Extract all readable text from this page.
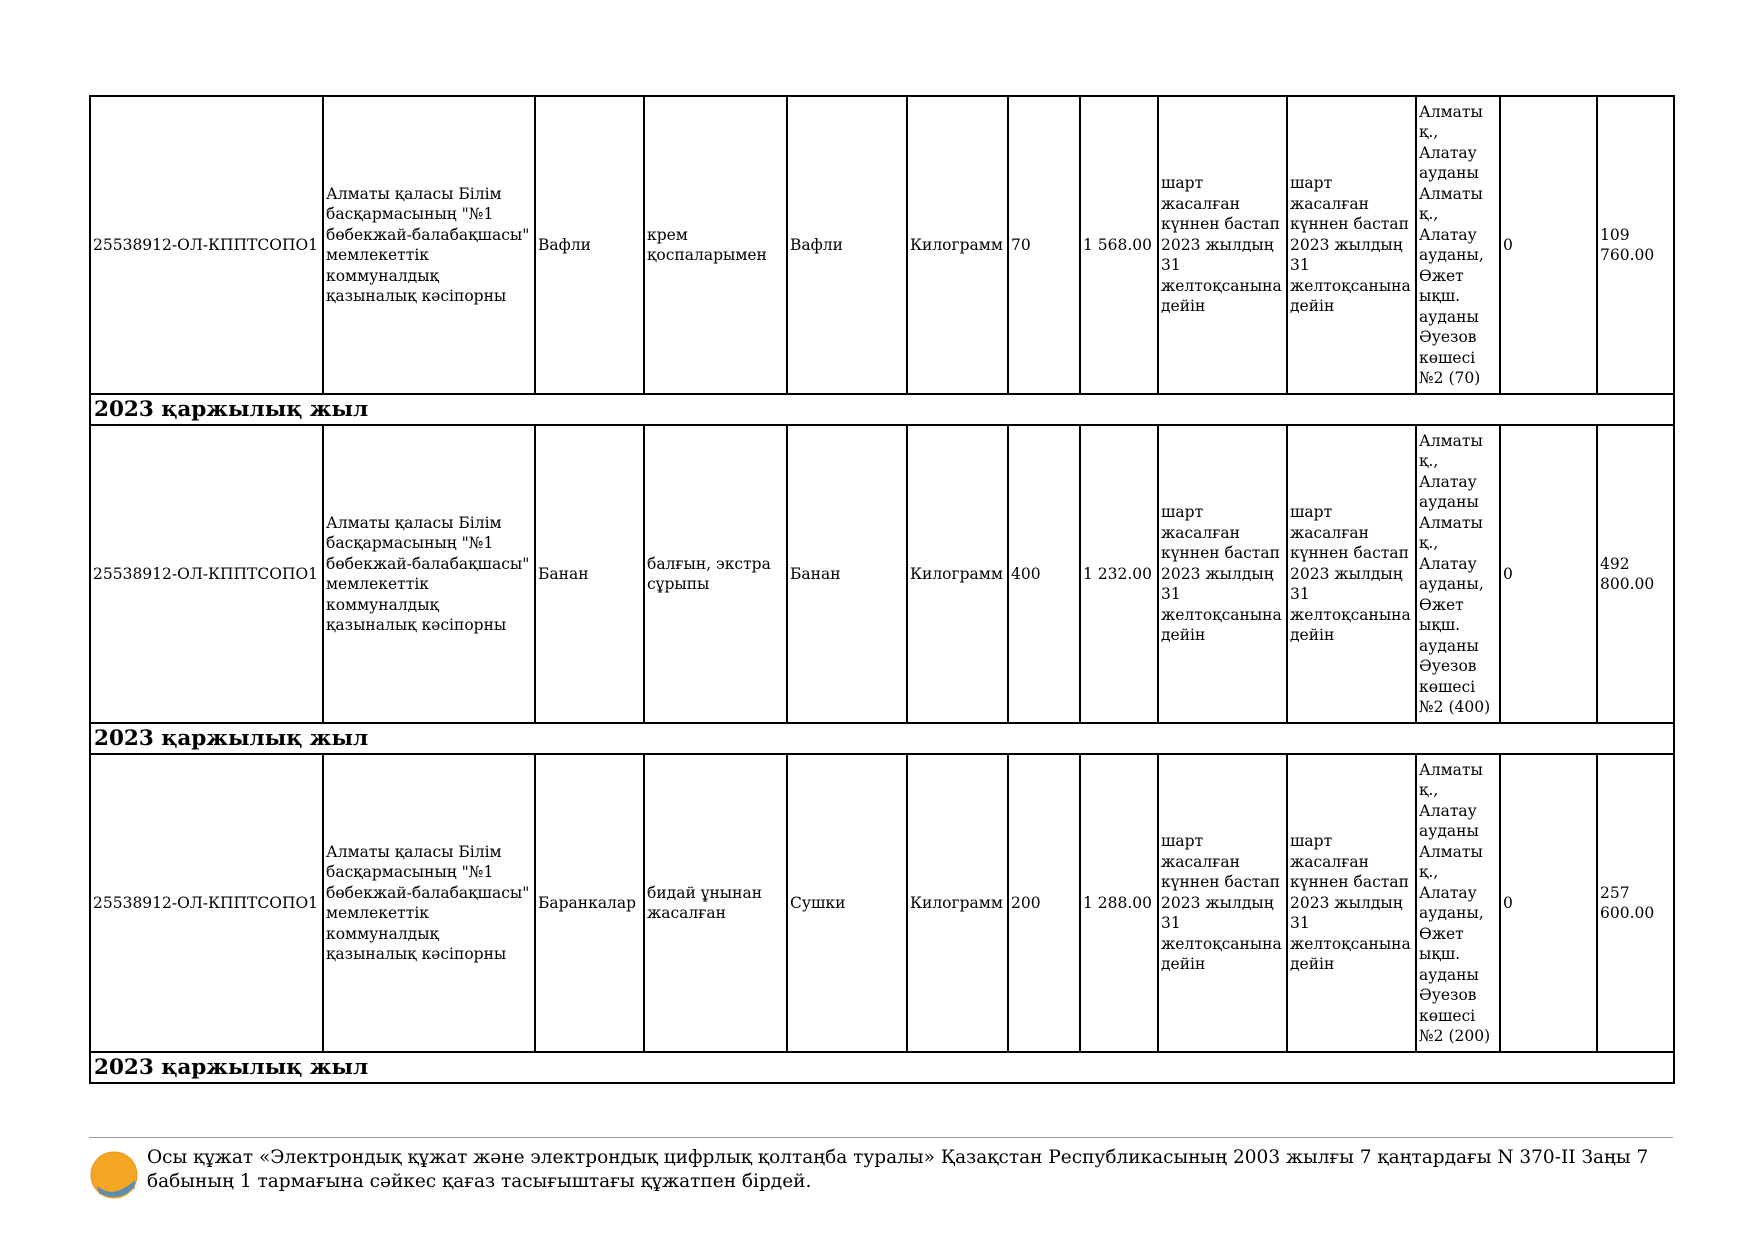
25538912-ОЛ-КППТСОПО1	Алматы қаласы Білім басқармасының "№1 бөбекжай-балабақшасы" мемлекеттік коммуналдық қазыналық кәсіпорны	Вафли	крем қоспаларымен	Вафли	Килограмм	70	1 568.00	шарт жасалған күннен бастап 2023 жылдың 31 желтоқсанына дейін	шарт жасалған күннен бастап 2023 жылдың 31 желтоқсанына дейін	Алматы қ., Алатау ауданы Алматы қ., Алатау ауданы, Өжет ықш. ауданы Әуезов көшесі №2 (70)	0	109 760.00
2023 қаржылық жыл												
25538912-ОЛ-КППТСОПО1	Алматы қаласы Білім басқармасының "№1 бөбекжай-балабақшасы" мемлекеттік коммуналдық қазыналық кәсіпорны	Банан	балғын, экстра сұрыпы	Банан	Килограмм	400	1 232.00	шарт жасалған күннен бастап 2023 жылдың 31 желтоқсанына дейін	шарт жасалған күннен бастап 2023 жылдың 31 желтоқсанына дейін	Алматы қ., Алатау ауданы Алматы қ., Алатау ауданы, Өжет ықш. ауданы Әуезов көшесі №2 (400)	0	492 800.00
2023 қаржылық жыл												
25538912-ОЛ-КППТСОПО1	Алматы қаласы Білім басқармасының "№1 бөбекжай-балабақшасы" мемлекеттік коммуналдық қазыналық кәсіпорны	Баранкалар	бидай ұнынан жасалған	Сушки	Килограмм	200	1 288.00	шарт жасалған күннен бастап 2023 жылдың 31 желтоқсанына дейін	шарт жасалған күннен бастап 2023 жылдың 31 желтоқсанына дейін	Алматы қ., Алатау ауданы Алматы қ., Алатау ауданы, Өжет ықш. ауданы Әуезов көшесі №2 (200)	0	257 600.00
2023 қаржылық жыл												
Осы құжат «Электрондық құжат және электрондық цифрлық қолтаңба туралы» Қазақстан Республикасының 2003 жылғы 7 қаңтардағы N 370-II Заңы 7 бабының 1 тармағына сәйкес қағаз тасығыштағы құжатпен бірдей.
